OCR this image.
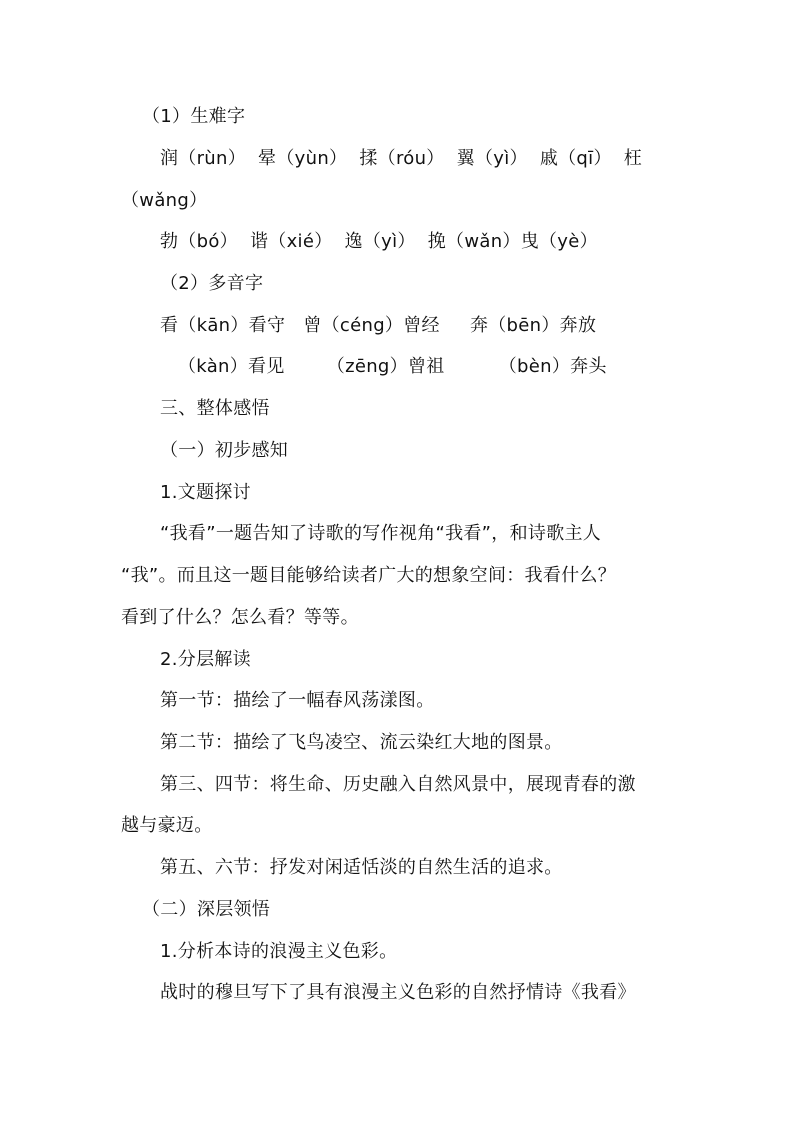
（1）生难字
润（rùn）  晕（yùn）  揉（róu）  翼（yì）  戚（qī）  枉
（wǎng）
勃（bó）  谐（xié）  逸（yì）  挽（wǎn）曳（yè）
（2）多音字
看（kān）看守   曾（céng）曾经     奔（bēn）奔放
（kàn）看见       （zēng）曾祖         （bèn）奔头
三、整体感悟
（一）初步感知
1.文题探讨
“我看”一题告知了诗歌的写作视角“我看”，和诗歌主人
“我”。而且这一题目能够给读者广大的想象空间：我看什么？
看到了什么？怎么看？等等。
2.分层解读
第一节：描绘了一幅春风荡漾图。
第二节：描绘了飞鸟凌空、流云染红大地的图景。
第三、四节：将生命、历史融入自然风景中，展现青春的激
越与豪迈。
第五、六节：抒发对闲适恬淡的自然生活的追求。
（二）深层领悟
1.分析本诗的浪漫主义色彩。
战时的穆旦写下了具有浪漫主义色彩的自然抒情诗《我看》
